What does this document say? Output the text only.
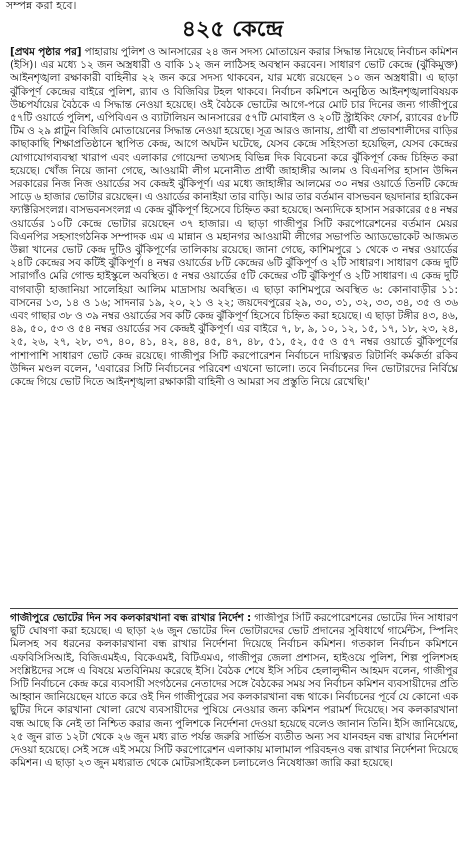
সম্পন্ন করা হবে।
৪২৫ কেন্দ্রে
[প্রথম পৃষ্ঠার পর] পাহারায় পুলিশ ও আনসারের ২৪ জন সদস্য মোতায়েন করার সিদ্ধান্ত নিয়েছে নির্বাচন কমিশন (ইসি)। এর মধ্যে ১২ জন অস্ত্রধারী ও বাকি ১২ জন লাঠিসহ অবস্থান করবেন। সাধারণ ভোট কেন্দ্রে (ঝুঁকিমুক্ত) আইনশৃঙ্খলা রক্ষাকারী বাহিনীর ২২ জন করে সদস্য থাকবেন, যার মধ্যে রয়েছেন ১০ জন অস্ত্রধারী। এ ছাড়া ঝুঁকিপূর্ণ কেন্দ্রের বাইরে পুলিশ, র‍্যাব ও বিজিবির টহল থাকবে। নির্বাচন কমিশনে অনুষ্ঠিত আইনশৃঙ্খলাবিষয়ক উচ্চপর্যায়ের বৈঠকে এ সিদ্ধান্ত নেওয়া হয়েছে। ওই বৈঠকে ভোটের আগে-পরে মোট চার দিনের জন্য গাজীপুরে ৫৭টি ওয়ার্ডে পুলিশ, এপিবিএন ও ব্যাটালিয়ন আনসারের ৫৭টি মোবাইল ও ২০টি স্ট্রাইকিং ফোর্স, র‍্যাবের ৫৮টি টিম ও ২৯ প্লাটুন বিজিবি মোতায়েনের সিদ্ধান্ত নেওয়া হয়েছে। সূত্র আরও জানায়, প্রার্থী বা প্রভাবশালীদের বাড়ির কাছাকাছি শিক্ষাপ্রতিষ্ঠানে স্থাপিত কেন্দ্র, আগে অঘটন ঘটেছে, যেসব কেন্দ্রে সহিংসতা হয়েছিল, যেসব কেন্দ্রের যোগাযোগব্যবস্থা খারাপ এবং এলাকার গোয়েন্দা তথ্যসহ বিভিন্ন দিক বিবেচনা করে ঝুঁকিপূর্ণ কেন্দ্র চিহ্নিত করা হয়েছে। খোঁজ নিয়ে জানা গেছে, আওয়ামী লীগ মনোনীত প্রার্থী জাহাঙ্গীর আলম ও বিএনপির হাসান উদ্দিন সরকারের নিজ নিজ ওয়ার্ডের সব কেন্দ্রই ঝুঁকিপূর্ণ। এর মধ্যে জাহাঙ্গীর আলমের ৩০ নম্বর ওয়ার্ডে তিনটি কেন্দ্রে সাড়ে ৬ হাজার ভোটার রয়েছেন। এ ওয়ার্ডের কানাইয়া তার বাড়ি। আর তার বর্তমান বাসভবন ছয়দানার হারিকেন ফ্যাক্টরিসংলগ্ন। বাসভবনসংলগ্ন এ কেন্দ্র ঝুঁকিপূর্ণ হিসেবে চিহ্নিত করা হয়েছে। অন্যদিকে হাসান সরকারের ৫৪ নম্বর ওয়ার্ডের ১০টি কেন্দ্রে ভোটার রয়েছেন ৩৭ হাজার। এ ছাড়া গাজীপুর সিটি করপোরেশনের বর্তমান মেয়র বিএনপির সহসাংগঠনিক সম্পাদক এম এ মান্নান ও মহানগর আওয়ামী লীগের সভাপতি অ্যাডভোকেট আজমত উল্লা খানের ভোট কেন্দ্র দুটিও ঝুঁকিপূর্ণের তালিকায় রয়েছে। জানা গেছে, কাশিমপুরে ১ থেকে ৩ নম্বর ওয়ার্ডের ২৪টি কেন্দ্রের সব কটিই ঝুঁকিপূর্ণ। ৪ নম্বর ওয়ার্ডের ৮টি কেন্দ্রের ৬টি ঝুঁকিপূর্ণ ও ২টি সাধারণ। সাধারণ কেন্দ্র দুটি সারাগাঁও মেরি গোল্ড হাইস্কুলে অবস্থিত। ৫ নম্বর ওয়ার্ডের ৫টি কেন্দ্রের ৩টি ঝুঁকিপূর্ণ ও ২টি সাধারণ। এ কেন্দ্র দুটি বাগবাড়ী হাজানিয়া সালেহিয়া আলিম মাদ্রাসায় অবস্থিত। এ ছাড়া কাশিমপুরে অবস্থিত ৬: কোনাবাড়ীর ১১: বাসনের ১৩, ১৪ ও ১৬; সাদনার ১৯, ২০, ২১ ও ২২; জয়দেবপুরের ২৯, ৩০, ৩১, ৩২, ৩৩, ৩৪, ৩৫ ও ৩৬ এবং গাছার ৩৮ ও ৩৯ নম্বর ওয়ার্ডের সব কটি কেন্দ্র ঝুঁকিপূর্ণ হিসেবে চিহ্নিত করা হয়েছে। এ ছাড়া টঙ্গীর ৪৩, ৪৬, ৪৯, ৫০, ৫৩ ও ৫৪ নম্বর ওয়ার্ডের সব কেন্দ্রই ঝুঁকিপূর্ণ। এর বাইরে ৭, ৮, ৯, ১০, ১২, ১৫, ১৭, ১৮, ২৩, ২৪, ২৫, ২৬, ২৭, ২৮, ৩৭, ৪০, ৪১, ৪২, ৪৪, ৪৫, ৪৭, ৪৮, ৫১, ৫২, ৫৫ ও ৫৭ নম্বর ওয়ার্ডে ঝুঁকিপূর্ণের পাশাপাশি সাধারণ ভোট কেন্দ্র রয়েছে। গাজীপুর সিটি করপোরেশন নির্বাচনে দায়িত্বরত রিটার্নিং কর্মকর্তা রকিব উদ্দিন মণ্ডল বলেন, 'এবারের সিটি নির্বাচনের পরিবেশ এখনো ভালো। তবে নির্বাচনের দিন ভোটারদের নির্বিঘ্নে কেন্দ্রে গিয়ে ভোট দিতে আইনশৃঙ্খলা রক্ষাকারী বাহিনী ও আমরা সব প্রস্তুতি নিয়ে রেখেছি।'
গাজীপুরে ভোটের দিন সব কলকারখানা বন্ধ রাখার নির্দেশ : গাজীপুর সিটি করপোরেশনের ভোটের দিন সাধারণ ছুটি ঘোষণা করা হয়েছে। এ ছাড়া ২৬ জুন ভোটের দিন ভোটারদের ভোট প্রদানের সুবিধার্থে গার্মেন্টস, স্পিনিং মিলসহ সব ধরনের কলকারখানা বন্ধ রাখার নির্দেশনা দিয়েছে নির্বাচন কমিশন। গতকাল নির্বাচন কমিশনে এফবিসিসিআই, বিজিএমইএ, বিকেএমই, বিটিএমএ, গাজীপুর জেলা প্রশাসন, হাইওয়ে পুলিশ, শিল্প পুলিশসহ সংশ্লিষ্টদের সঙ্গে এ বিষয়ে মতবিনিময় করেছে ইসি। বৈঠক শেষে ইসি সচিব হেলালুদ্দীন আহমদ বলেন, গাজীপুর সিটি নির্বাচনে কেন্দ্র করে ব্যবসায়ী সংগঠনের নেতাদের সঙ্গে বৈঠকের সময় সব নির্বাচন কমিশন ব্যবসায়ীদের প্রতি আহ্বান জানিয়েছেন যাতে করে ওই দিন গাজীপুরের সব কলকারখানা বন্ধ থাকে। নির্বাচনের পূর্বে যে কোনো এক ছুটির দিনে কারখানা খোলা রেখে ব্যবসায়ীদের পুষিয়ে নেওয়ার জন্য কমিশন পরামর্শ দিয়েছে। সব কলকারখানা বন্ধ আছে কি নেই তা নিশ্চিত করার জন্য পুলিশকে নির্দেশনা দেওয়া হয়েছে বলেও জানান তিনি। ইসি জানিয়েছে, ২৫ জুন রাত ১২টা থেকে ২৬ জুন মধ্য রাত পর্যন্ত জরুরি সার্ভিস ব্যতীত অন্য সব যানবহন বন্ধ রাখার নির্দেশনা দেওয়া হয়েছে। সেই সঙ্গে এই সময়ে সিটি করপোরেশন এলাকায় মালামাল পরিবহনও বন্ধ রাখার নির্দেশনা দিয়েছে কমিশন। এ ছাড়া ২৩ জুন মধ্যরাত থেকে মোটরসাইকেল চলাচলেও নিষেধাজ্ঞা জারি করা হয়েছে।
